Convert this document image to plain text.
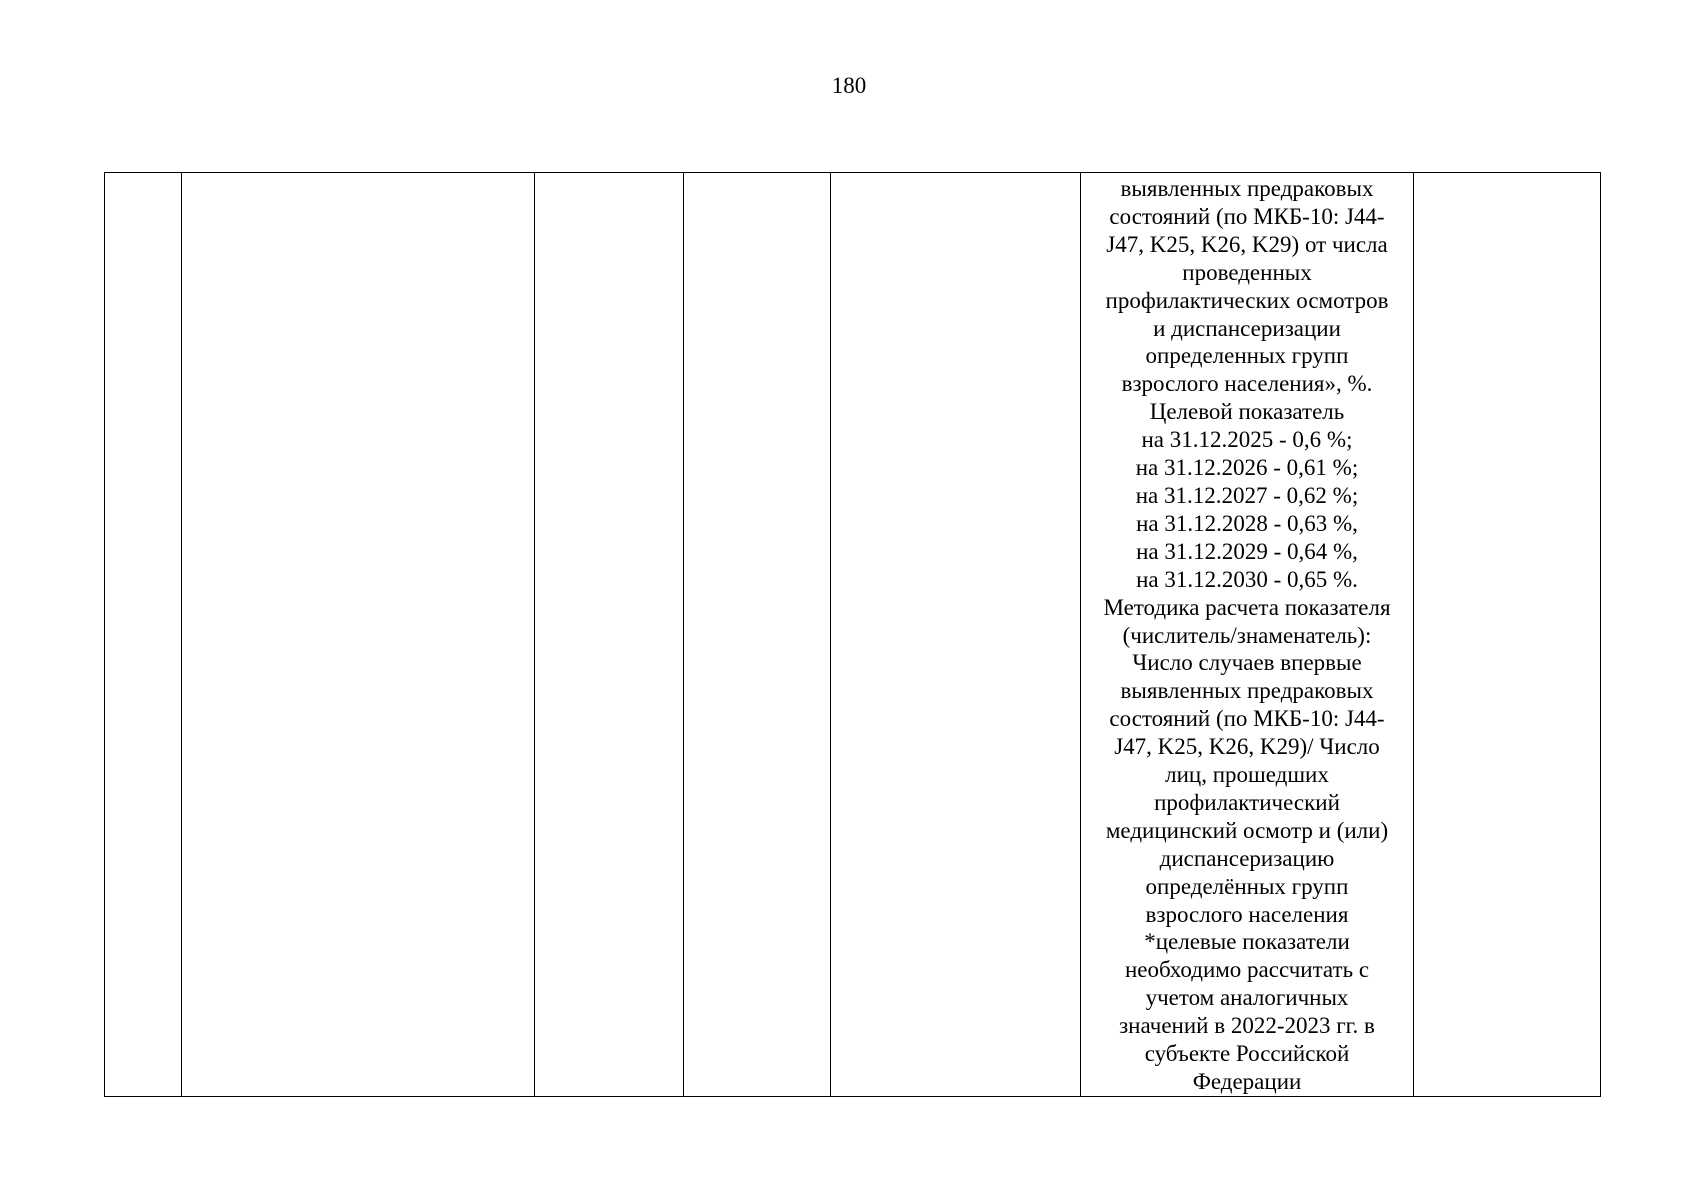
180

выявленных предраковых
состояний (по МКБ-10: J44-
J47, K25, K26, K29) от числа
проведенных
профилактических осмотров
и диспансеризации
определенных групп
взрослого населения», %.
Целевой показатель
на 31.12.2025 - 0,6 %;
на 31.12.2026 - 0,61 %;
на 31.12.2027 - 0,62 %;
на 31.12.2028 - 0,63 %,
на 31.12.2029 - 0,64 %,
на 31.12.2030 - 0,65 %.
Методика расчета показателя
(числитель/знаменатель):
Число случаев впервые
выявленных предраковых
состояний (по МКБ-10: J44-
J47, K25, K26, K29)/ Число
лиц, прошедших
профилактический
медицинский осмотр и (или)
диспансеризацию
определённых групп
взрослого населения
*целевые показатели
необходимо рассчитать с
учетом аналогичных
значений в 2022-2023 гг. в
субъекте Российской
Федерации
